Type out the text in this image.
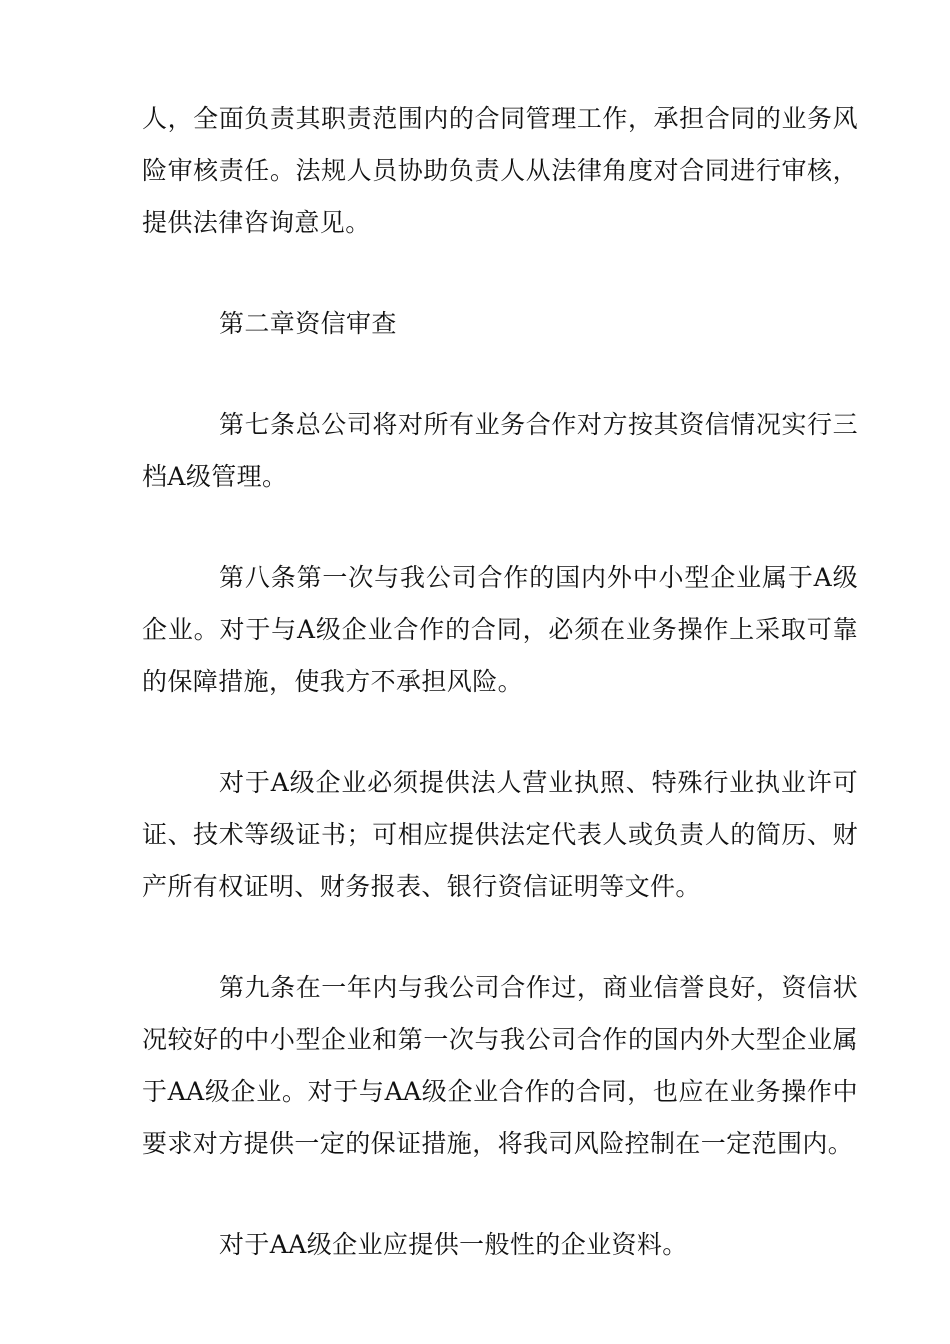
人，全面负责其职责范围内的合同管理工作，承担合同的业务风险审核责任。法规人员协助负责人从法律角度对合同进行审核，提供法律咨询意见。

第二章资信审查

第七条总公司将对所有业务合作对方按其资信情况实行三档A级管理。

第八条第一次与我公司合作的国内外中小型企业属于A级企业。对于与A级企业合作的合同，必须在业务操作上采取可靠的保障措施，使我方不承担风险。

对于A级企业必须提供法人营业执照、特殊行业执业许可证、技术等级证书；可相应提供法定代表人或负责人的简历、财产所有权证明、财务报表、银行资信证明等文件。

第九条在一年内与我公司合作过，商业信誉良好，资信状况较好的中小型企业和第一次与我公司合作的国内外大型企业属于AA级企业。对于与AA级企业合作的合同，也应在业务操作中要求对方提供一定的保证措施，将我司风险控制在一定范围内。

对于AA级企业应提供一般性的企业资料。
